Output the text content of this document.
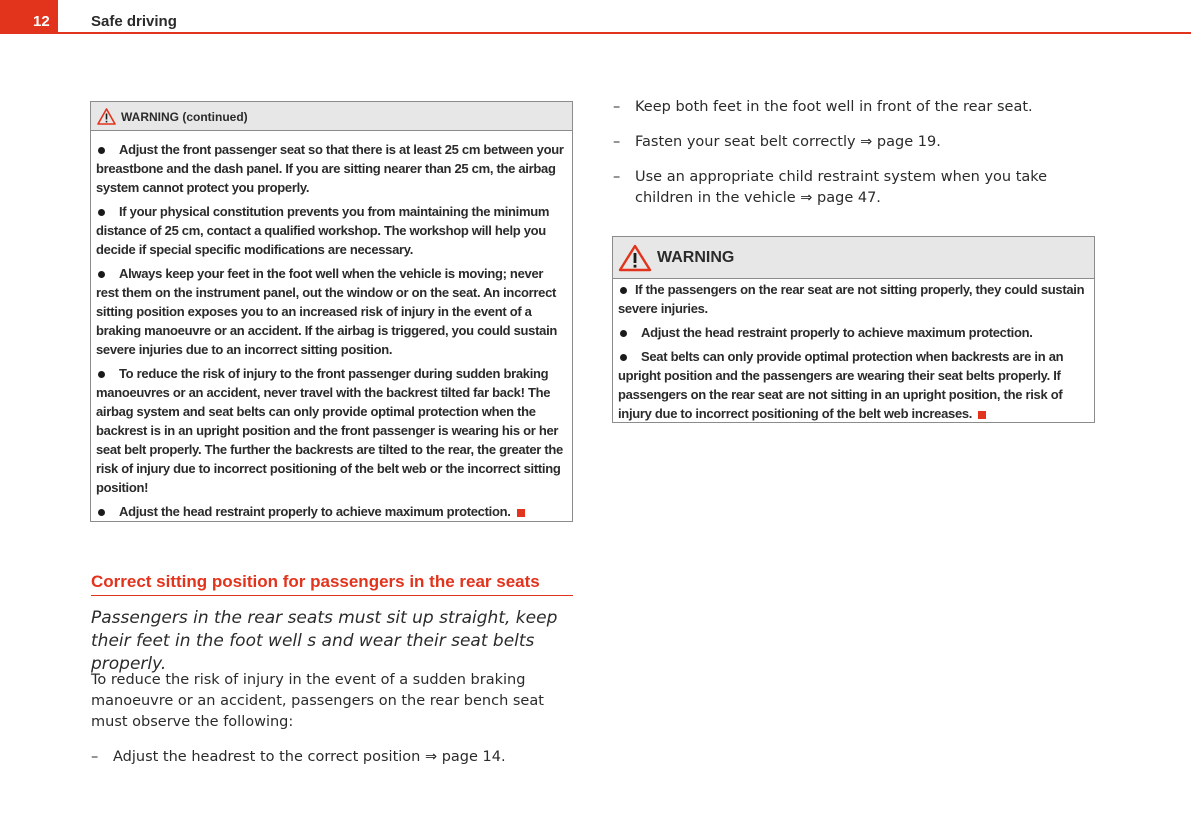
12	Safe driving
WARNING (continued)

Adjust the front passenger seat so that there is at least 25 cm between your breastbone and the dash panel. If you are sitting nearer than 25 cm, the airbag system cannot protect you properly.

If your physical constitution prevents you from maintaining the minimum distance of 25 cm, contact a qualified workshop. The workshop will help you decide if special specific modifications are necessary.

Always keep your feet in the foot well when the vehicle is moving; never rest them on the instrument panel, out the window or on the seat. An incorrect sitting position exposes you to an increased risk of injury in the event of a braking manoeuvre or an accident. If the airbag is triggered, you could sustain severe injuries due to an incorrect sitting position.

To reduce the risk of injury to the front passenger during sudden braking manoeuvres or an accident, never travel with the backrest tilted far back! The airbag system and seat belts can only provide optimal protection when the backrest is in an upright position and the front passenger is wearing his or her seat belt properly. The further the backrests are tilted to the rear, the greater the risk of injury due to incorrect positioning of the belt web or the incorrect sitting position!

Adjust the head restraint properly to achieve maximum protection.

Correct sitting position for passengers in the rear seats
Passengers in the rear seats must sit up straight, keep their feet in the foot well s and wear their seat belts properly.
To reduce the risk of injury in the event of a sudden braking manoeuvre or an accident, passengers on the rear bench seat must observe the following:
–	Adjust the headrest to the correct position ⇒ page 14.
–	Keep both feet in the foot well in front of the rear seat.
–	Fasten your seat belt correctly ⇒ page 19.
–	Use an appropriate child restraint system when you take children in the vehicle ⇒ page 47.
WARNING

If the passengers on the rear seat are not sitting properly, they could sustain severe injuries.

Adjust the head restraint properly to achieve maximum protection.

Seat belts can only provide optimal protection when backrests are in an upright position and the passengers are wearing their seat belts properly. If passengers on the rear seat are not sitting in an upright position, the risk of injury due to incorrect positioning of the belt web increases.
